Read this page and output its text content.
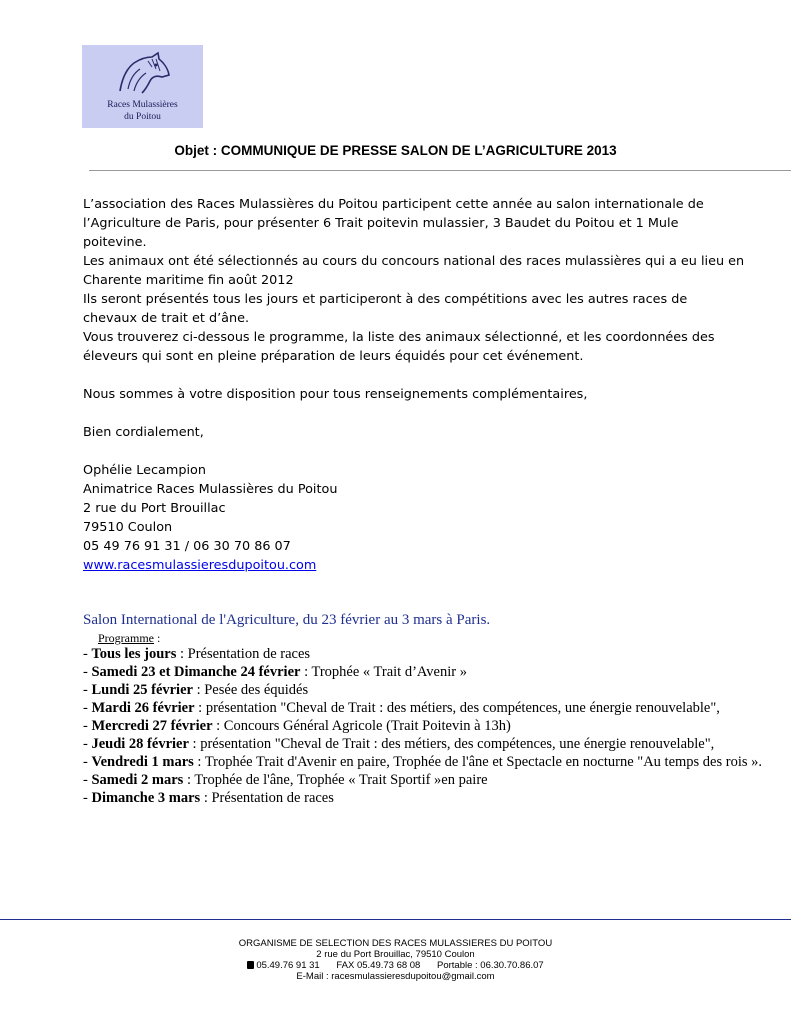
Races Mulassières
du Poitou
Objet : COMMUNIQUE DE PRESSE SALON DE L’AGRICULTURE 2013

L’association des Races Mulassières du Poitou participent cette année au salon internationale de

l’Agriculture de Paris, pour présenter 6 Trait poitevin mulassier, 3 Baudet du Poitou et 1 Mule

poitevine.

Les animaux ont été sélectionnés au cours du concours national des races mulassières qui a eu lieu en

Charente maritime fin août 2012

Ils seront présentés tous les jours et participeront à des compétitions avec les autres races de

chevaux de trait et d’âne.

Vous trouverez ci-dessous le programme, la liste des animaux sélectionné, et les coordonnées des

éleveurs qui sont en pleine préparation de leurs équidés pour cet événement.

Nous sommes à votre disposition pour tous renseignements complémentaires,

Bien cordialement,

Ophélie Lecampion

Animatrice Races Mulassières du Poitou

2 rue du Port Brouillac

79510 Coulon

05 49 76 91 31 / 06 30 70 86 07

www.racesmulassieresdupoitou.com

Salon International de l'Agriculture, du 23 février au 3 mars à Paris.

Programme :

- Tous les jours : Présentation de races

- Samedi 23 et Dimanche 24 février : Trophée « Trait d’Avenir »

- Lundi 25 février : Pesée des équidés

- Mardi 26 février : présentation "Cheval de Trait : des métiers, des compétences, une énergie renouvelable",

- Mercredi 27 février : Concours Général Agricole (Trait Poitevin à 13h)

- Jeudi 28 février : présentation "Cheval de Trait : des métiers, des compétences, une énergie renouvelable",

- Vendredi 1 mars : Trophée Trait d'Avenir en paire, Trophée de l'âne et Spectacle en nocturne "Au temps des rois ».

- Samedi 2 mars : Trophée de l'âne, Trophée « Trait Sportif »en paire

- Dimanche 3 mars : Présentation de races

ORGANISME DE SELECTION DES RACES MULASSIERES DU POITOU

2 rue du Port Brouillac, 79510 Coulon

05.49.76 91 31 FAX 05.49.73 68 08 Portable : 06.30.70.86.07

E-Mail : racesmulassieresdupoitou@gmail.com
